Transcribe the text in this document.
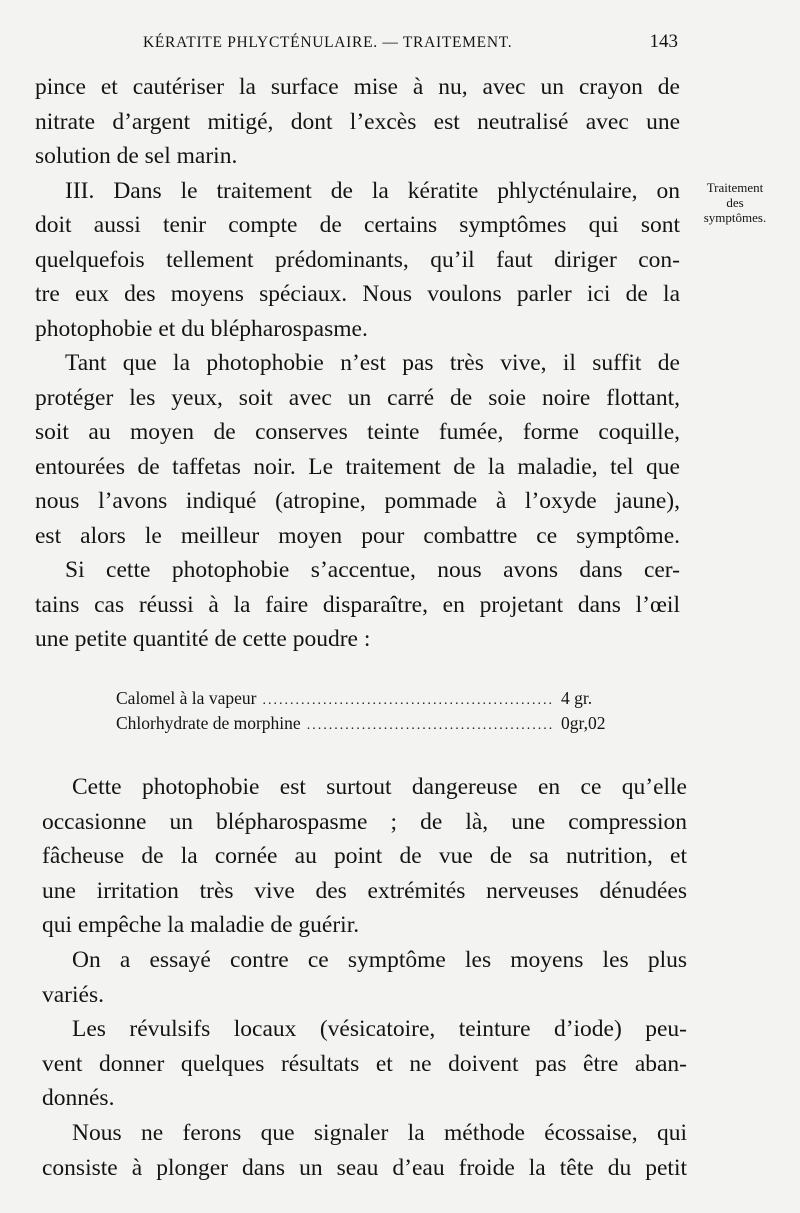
KÉRATITE PHLYCTÉNULAIRE. — TRAITEMENT.	143
Traitement
des
symptômes.
pince et cautériser la surface mise à nu, avec un crayon de
nitrate d’argent mitigé, dont l’excès est neutralisé avec une
solution de sel marin.
III. Dans le traitement de la kératite phlycténulaire, on
doit aussi tenir compte de certains symptômes qui sont
quelquefois tellement prédominants, qu’il faut diriger con-
tre eux des moyens spéciaux. Nous voulons parler ici de la
photophobie et du blépharospasme.
Tant que la photophobie n’est pas très vive, il suffit de
protéger les yeux, soit avec un carré de soie noire flottant,
soit au moyen de conserves teinte fumée, forme coquille,
entourées de taffetas noir. Le traitement de la maladie, tel que
nous l’avons indiqué (atropine, pommade à l’oxyde jaune),
est alors le meilleur moyen pour combattre ce symptôme.
Si cette photophobie s’accentue, nous avons dans cer-
tains cas réussi à la faire disparaître, en projetant dans l’œil
une petite quantité de cette poudre :
Calomel à la vapeur .....	4 gr.
Chlorhydrate de morphine .....	0gr,02
Cette photophobie est surtout dangereuse en ce qu’elle
occasionne un blépharospasme ; de là, une compression
fâcheuse de la cornée au point de vue de sa nutrition, et
une irritation très vive des extrémités nerveuses dénudées
qui empêche la maladie de guérir.
On a essayé contre ce symptôme les moyens les plus
variés.
Les révulsifs locaux (vésicatoire, teinture d’iode) peu-
vent donner quelques résultats et ne doivent pas être aban-
donnés.
Nous ne ferons que signaler la méthode écossaise, qui
consiste à plonger dans un seau d’eau froide la tête du petit
